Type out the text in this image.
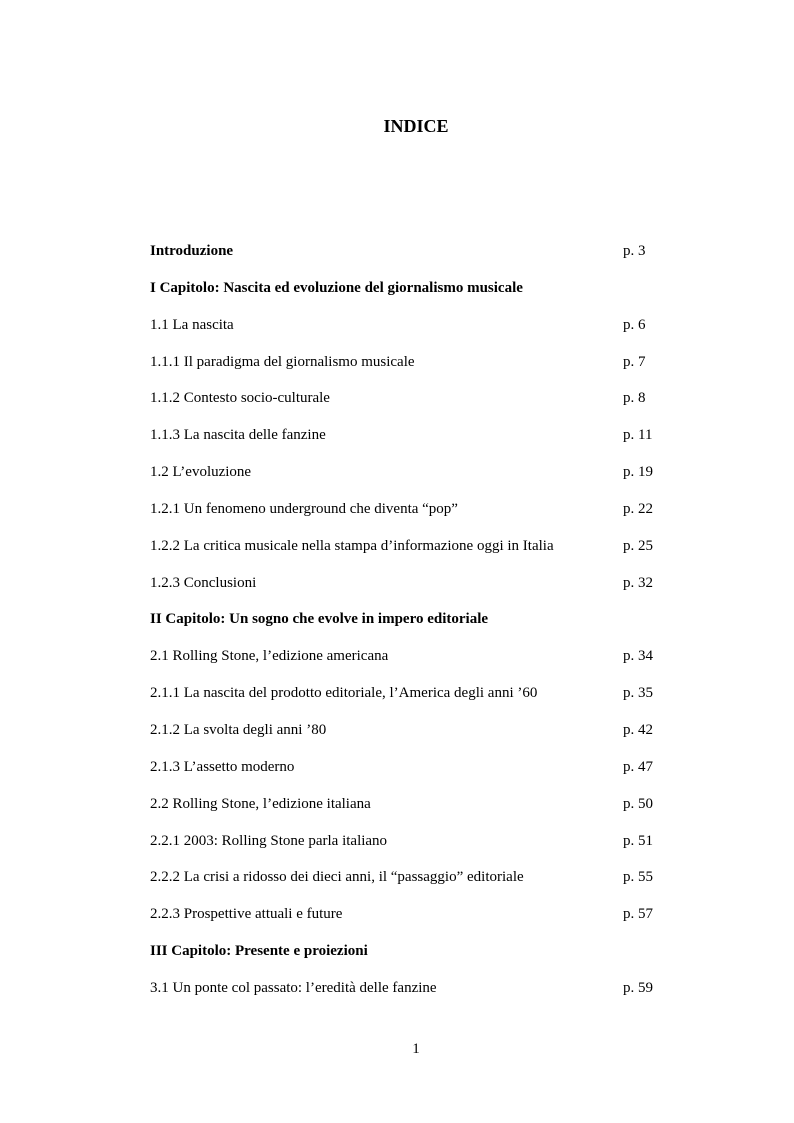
INDICE
Introduzione	p. 3
I Capitolo: Nascita ed evoluzione del giornalismo musicale
1.1 La nascita	p. 6
1.1.1 Il paradigma del giornalismo musicale	p. 7
1.1.2 Contesto socio-culturale	p. 8
1.1.3 La nascita delle fanzine	p. 11
1.2 L’evoluzione	p. 19
1.2.1 Un fenomeno underground che diventa “pop”	p. 22
1.2.2 La critica musicale nella stampa d’informazione oggi in Italia	p. 25
1.2.3 Conclusioni	p. 32
II Capitolo: Un sogno che evolve in impero editoriale
2.1 Rolling Stone, l’edizione americana	p. 34
2.1.1 La nascita del prodotto editoriale, l’America degli anni ’60	p. 35
2.1.2 La svolta degli anni ’80	p. 42
2.1.3 L’assetto moderno	p. 47
2.2 Rolling Stone, l’edizione italiana	p. 50
2.2.1 2003: Rolling Stone parla italiano	p. 51
2.2.2 La crisi a ridosso dei dieci anni, il “passaggio” editoriale	p. 55
2.2.3 Prospettive attuali e future	p. 57
III Capitolo: Presente e proiezioni
3.1 Un ponte col passato: l’eredità delle fanzine	p. 59
1
